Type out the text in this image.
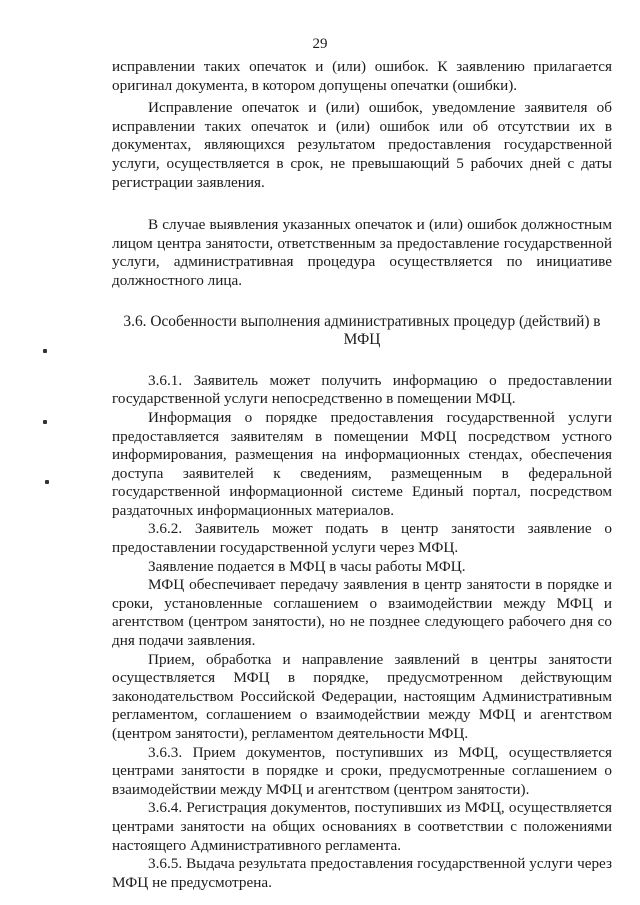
29

исправлении таких опечаток и (или) ошибок. К заявлению прилагается оригинал документа, в котором допущены опечатки (ошибки).

Исправление опечаток и (или) ошибок, уведомление заявителя об исправлении таких опечаток и (или) ошибок или об отсутствии их в документах, являющихся результатом предоставления государственной услуги, осуществляется в срок, не превышающий 5 рабочих дней с даты регистрации заявления.

В случае выявления указанных опечаток и (или) ошибок должностным лицом центра занятости, ответственным за предоставление государственной услуги, административная процедура осуществляется по инициативе должностного лица.

3.6. Особенности выполнения административных процедур (действий) в
МФЦ

3.6.1. Заявитель может получить информацию о предоставлении государственной услуги непосредственно в помещении МФЦ.

Информация о порядке предоставления государственной услуги предоставляется заявителям в помещении МФЦ посредством устного информирования, размещения на информационных стендах, обеспечения доступа заявителей к сведениям, размещенным в федеральной государственной информационной системе Единый портал, посредством раздаточных информационных материалов.

3.6.2. Заявитель может подать в центр занятости заявление о предоставлении государственной услуги через МФЦ.

Заявление подается в МФЦ в часы работы МФЦ.

МФЦ обеспечивает передачу заявления в центр занятости в порядке и сроки, установленные соглашением о взаимодействии между МФЦ и агентством (центром занятости), но не позднее следующего рабочего дня со дня подачи заявления.

Прием, обработка и направление заявлений в центры занятости осуществляется МФЦ в порядке, предусмотренном действующим законодательством Российской Федерации, настоящим Административным регламентом, соглашением о взаимодействии между МФЦ и агентством (центром занятости), регламентом деятельности МФЦ.

3.6.3. Прием документов, поступивших из МФЦ, осуществляется центрами занятости в порядке и сроки, предусмотренные соглашением о взаимодействии между МФЦ и агентством (центром занятости).

3.6.4. Регистрация документов, поступивших из МФЦ, осуществляется центрами занятости на общих основаниях в соответствии с положениями настоящего Административного регламента.

3.6.5. Выдача результата предоставления государственной услуги через МФЦ не предусмотрена.
